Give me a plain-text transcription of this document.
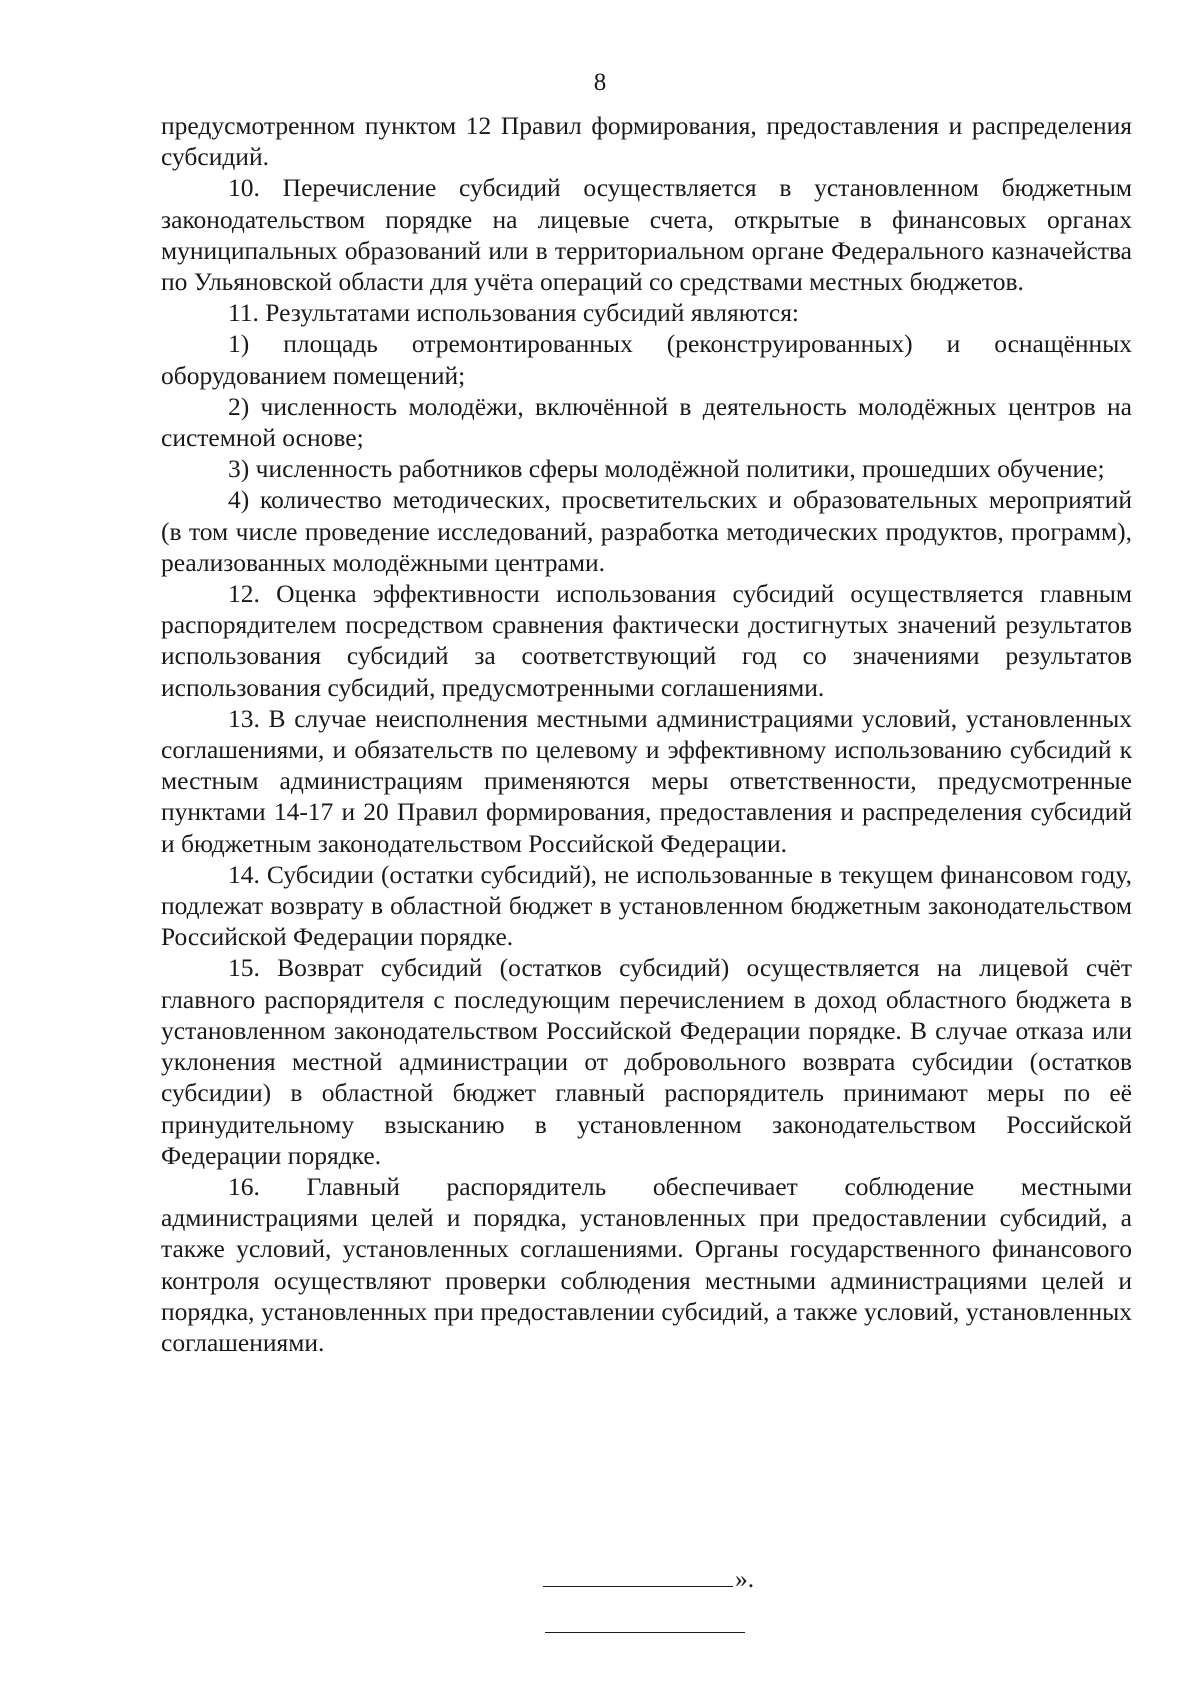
8

предусмотренном пунктом 12 Правил формирования, предоставления и распределения субсидий.

10. Перечисление субсидий осуществляется в установленном бюджетным законодательством порядке на лицевые счета, открытые в финансовых органах муниципальных образований или в территориальном органе Федерального казначейства по Ульяновской области для учёта операций со средствами местных бюджетов.

11. Результатами использования субсидий являются:

1) площадь отремонтированных (реконструированных) и оснащённых оборудованием помещений;

2) численность молодёжи, включённой в деятельность молодёжных центров на системной основе;

3) численность работников сферы молодёжной политики, прошедших обучение;

4) количество методических, просветительских и образовательных мероприятий (в том числе проведение исследований, разработка методических продуктов, программ), реализованных молодёжными центрами.

12. Оценка эффективности использования субсидий осуществляется главным распорядителем посредством сравнения фактически достигнутых значений результатов использования субсидий за соответствующий год со значениями результатов использования субсидий, предусмотренными соглашениями.

13. В случае неисполнения местными администрациями условий, установленных соглашениями, и обязательств по целевому и эффективному использованию субсидий к местным администрациям применяются меры ответственности, предусмотренные пунктами 14-17 и 20 Правил формирования, предоставления и распределения субсидий и бюджетным законодательством Российской Федерации.

14. Субсидии (остатки субсидий), не использованные в текущем финансовом году, подлежат возврату в областной бюджет в установленном бюджетным законодательством Российской Федерации порядке.

15. Возврат субсидий (остатков субсидий) осуществляется на лицевой счёт главного распорядителя с последующим перечислением в доход областного бюджета в установленном законодательством Российской Федерации порядке. В случае отказа или уклонения местной администрации от добровольного возврата субсидии (остатков субсидии) в областной бюджет главный распорядитель принимают меры по её принудительному взысканию в установленном законодательством Российской Федерации порядке.

16. Главный распорядитель обеспечивает соблюдение местными администрациями целей и порядка, установленных при предоставлении субсидий, а также условий, установленных соглашениями. Органы государственного финансового контроля осуществляют проверки соблюдения местными администрациями целей и порядка, установленных при предоставлении субсидий, а также условий, установленных соглашениями.

».
